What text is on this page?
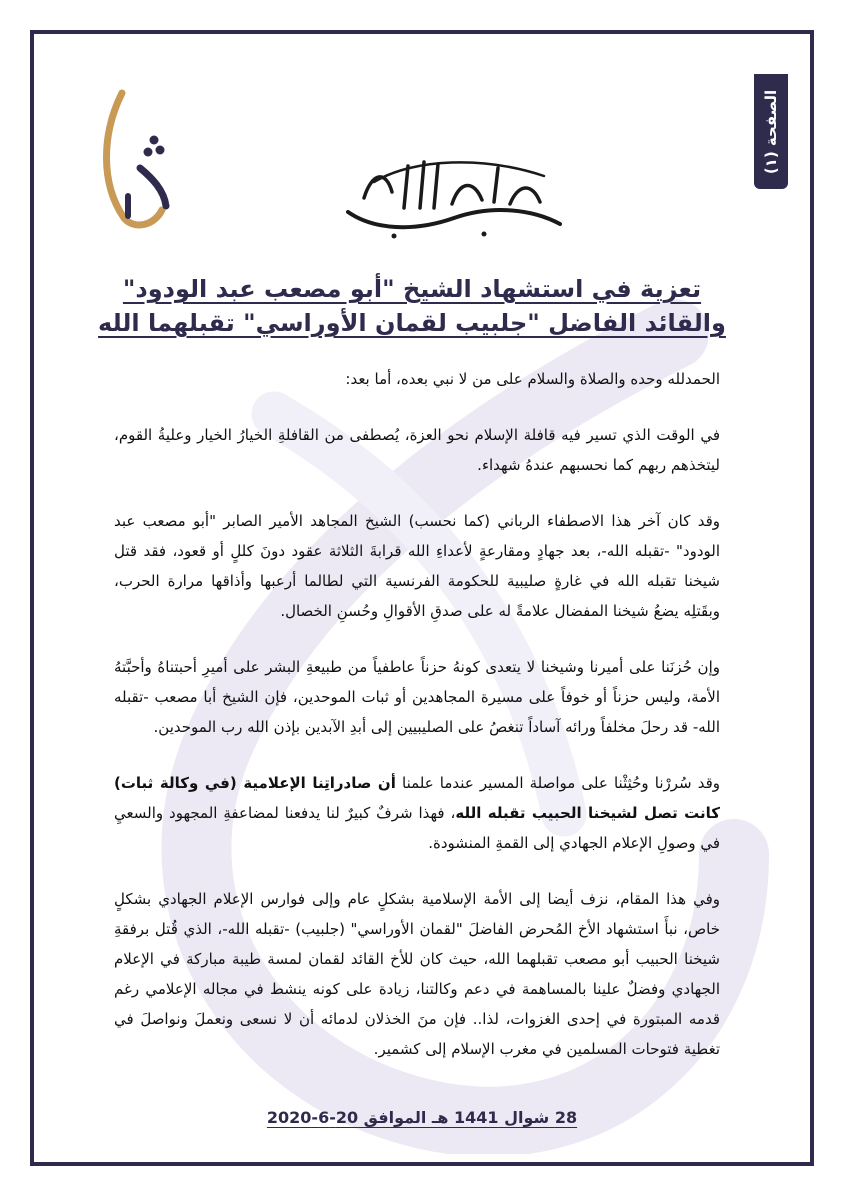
الصفحة (١)
تعزية في استشهاد الشيخ "أبو مصعب عبد الودود"
والقائد الفاضل "جلبيب لقمان الأوراسي" تقبلهما الله

الحمدلله وحده والصلاة والسلام على من لا نبي بعده، أما بعد:

في الوقت الذي تسير فيه قافلة الإسلام نحو العزة، يُصطفى من القافلةِ الخيارُ الخيار وعليةُ القوم، ليتخذهم ربهم كما نحسبهم عندهُ شهداء.

وقد كان آخر هذا الاصطفاء الرباني (كما نحسب) الشيخ المجاهد الأمير الصابر "أبو مصعب عبد الودود" -تقبله الله-، بعد جهادٍ ومقارعةٍ لأعداءِ الله قرابةَ الثلاثة عقود دونَ كللٍ أو قعود، فقد قتل شيخنا تقبله الله في غارةٍ صليبية للحكومة الفرنسية التي لطالما أرعبها وأذاقها مرارة الحرب، وبقَتلِه يضعُ شيخنا المفضال علامةً له على صدقِ الأقوالِ وحُسنِ الخصال.

وإن حُزنَنا على أميرنا وشيخنا لا يتعدى كونهُ حزناً عاطفياً من طبيعةِ البشر على أميرِ أحبتناهُ وأحبَّتهُ الأمة، وليس حزناً أو خوفاً على مسيرة المجاهدين أو ثبات الموحدين، فإن الشيخ أبا مصعب -تقبله الله- قد رحلَ مخلفاً ورائه آساداً تنغصُ على الصليبيين إلى أبدِ الآبدين بإذن الله رب الموحدين.

وقد سُررْنا وحُثِثْنا على مواصلة المسير عندما علمنا أن صادراتِنا الإعلامية (في وكالة ثبات) كانت تصل لشيخنا الحبيب تقبله الله، فهذا شرفٌ كبيرٌ لنا يدفعنا لمضاعفةِ المجهود والسعيِ في وصولِ الإعلام الجهادي إلى القمةِ المنشودة.

وفي هذا المقام، نزف أيضا إلى الأمة الإسلامية بشكلٍ عام وإلى فوارس الإعلام الجهادي بشكلٍ خاص، نبأَ استشهاد الأخ المُحرض الفاضلَ "لقمان الأوراسي" (جلبيب) -تقبله الله-، الذي قُتل برفقةِ شيخنا الحبيب أبو مصعب تقبلهما الله، حيث كان للأخ القائد لقمان لمسة طيبة مباركة في الإعلام الجهادي وفضلٌ علينا بالمساهمة في دعم وكالتنا، زيادة على كونه ينشط في مجاله الإعلامي رغم قدمه المبتورة في إحدى الغزوات، لذا.. فإن منَ الخذلان لدمائه أن لا نسعى ونعملَ ونواصلَ في تغطية فتوحات المسلمين في مغرب الإسلام إلى كشمير.

28 شوال 1441 هـ الموافق 20-6-2020
